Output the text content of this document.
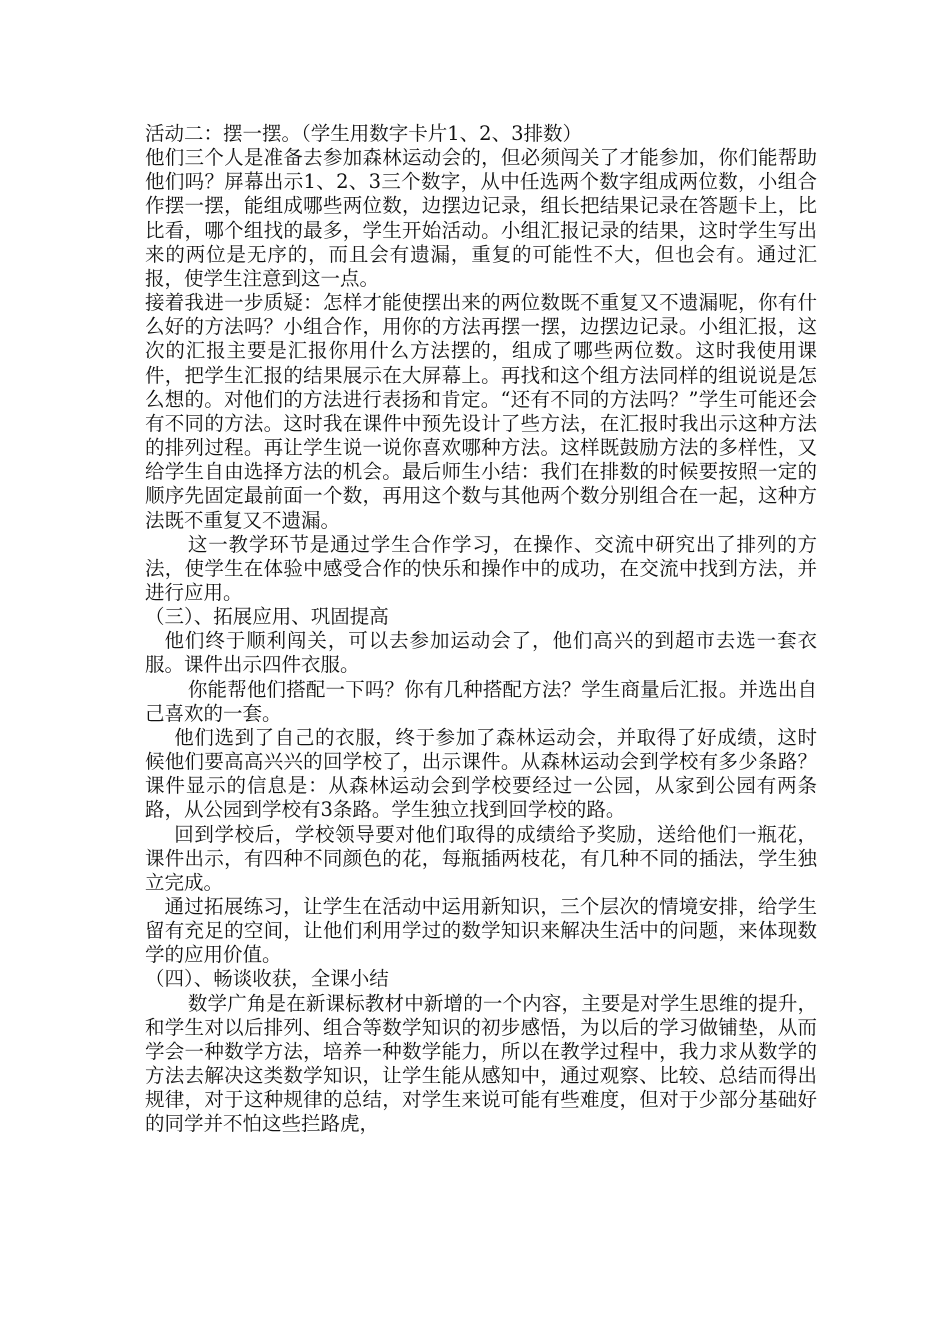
活动二：摆一摆。（学生用数字卡片1、2、3排数）

他们三个人是准备去参加森林运动会的，但必须闯关了才能参加，你们能帮助他们吗？屏幕出示1、2、3三个数字，从中任选两个数字组成两位数，小组合作摆一摆，能组成哪些两位数，边摆边记录，组长把结果记录在答题卡上，比比看，哪个组找的最多，学生开始活动。小组汇报记录的结果，这时学生写出来的两位是无序的，而且会有遗漏，重复的可能性不大，但也会有。通过汇报，使学生注意到这一点。

接着我进一步质疑：怎样才能使摆出来的两位数既不重复又不遗漏呢，你有什么好的方法吗？小组合作，用你的方法再摆一摆，边摆边记录。小组汇报，这次的汇报主要是汇报你用什么方法摆的，组成了哪些两位数。这时我使用课件，把学生汇报的结果展示在大屏幕上。再找和这个组方法同样的组说说是怎么想的。对他们的方法进行表扬和肯定。“还有不同的方法吗？”学生可能还会有不同的方法。这时我在课件中预先设计了些方法，在汇报时我出示这种方法的排列过程。再让学生说一说你喜欢哪种方法。这样既鼓励方法的多样性，又给学生自由选择方法的机会。最后师生小结：我们在排数的时候要按照一定的顺序先固定最前面一个数，再用这个数与其他两个数分别组合在一起，这种方法既不重复又不遗漏。

这一教学环节是通过学生合作学习，在操作、交流中研究出了排列的方法，使学生在体验中感受合作的快乐和操作中的成功，在交流中找到方法，并进行应用。

（三）、拓展应用、巩固提高

他们终于顺利闯关，可以去参加运动会了，他们高兴的到超市去选一套衣服。课件出示四件衣服。

你能帮他们搭配一下吗？你有几种搭配方法？学生商量后汇报。并选出自己喜欢的一套。

他们选到了自己的衣服，终于参加了森林运动会，并取得了好成绩，这时候他们要高高兴兴的回学校了，出示课件。从森林运动会到学校有多少条路？课件显示的信息是：从森林运动会到学校要经过一公园，从家到公园有两条路，从公园到学校有3条路。学生独立找到回学校的路。

回到学校后，学校领导要对他们取得的成绩给予奖励，送给他们一瓶花，课件出示，有四种不同颜色的花，每瓶插两枝花，有几种不同的插法，学生独立完成。

通过拓展练习，让学生在活动中运用新知识，三个层次的情境安排，给学生留有充足的空间，让他们利用学过的数学知识来解决生活中的问题，来体现数学的应用价值。

（四）、畅谈收获，全课小结

数学广角是在新课标教材中新增的一个内容，主要是对学生思维的提升，和学生对以后排列、组合等数学知识的初步感悟，为以后的学习做铺垫，从而学会一种数学方法，培养一种数学能力，所以在教学过程中，我力求从数学的方法去解决这类数学知识，让学生能从感知中，通过观察、比较、总结而得出规律，对于这种规律的总结，对学生来说可能有些难度，但对于少部分基础好的同学并不怕这些拦路虎，
